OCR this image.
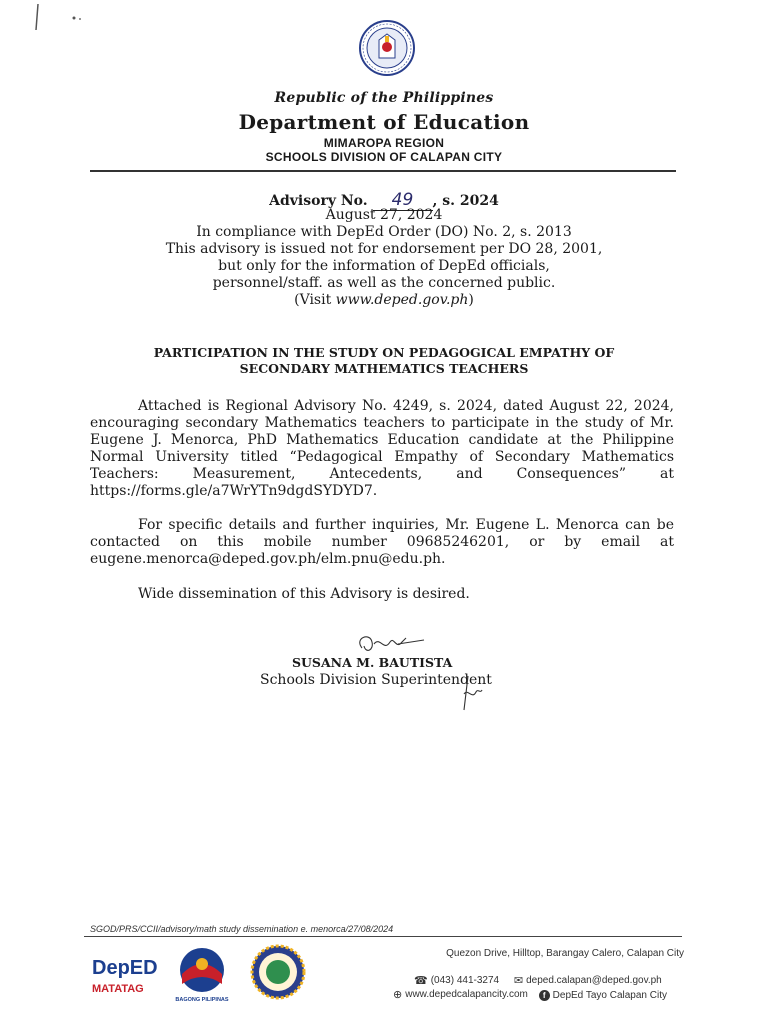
Republic of the Philippines
Department of Education
MIMAROPA REGION
SCHOOLS DIVISION OF CALAPAN CITY
Advisory No. 49 , s. 2024
August 27, 2024
In compliance with DepEd Order (DO) No. 2, s. 2013
This advisory is issued not for endorsement per DO 28, 2001,
but only for the information of DepEd officials,
personnel/staff. as well as the concerned public.
(Visit www.deped.gov.ph)
PARTICIPATION IN THE STUDY ON PEDAGOGICAL EMPATHY OF
SECONDARY MATHEMATICS TEACHERS
Attached is Regional Advisory No. 4249, s. 2024, dated August 22, 2024, encouraging secondary Mathematics teachers to participate in the study of Mr. Eugene J. Menorca, PhD Mathematics Education candidate at the Philippine Normal University titled “Pedagogical Empathy of Secondary Mathematics Teachers: Measurement, Antecedents, and Consequences” at https://forms.gle/a7WrYTn9dgdSYDYD7.
For specific details and further inquiries, Mr. Eugene L. Menorca can be contacted on this mobile number 09685246201, or by email at eugene.menorca@deped.gov.ph/elm.pnu@edu.ph.
Wide dissemination of this Advisory is desired.
SUSANA M. BAUTISTA
Schools Division Superintendent
SGOD/PRS/CCII/advisory/math study dissemination e. menorca/27/08/2024
DepED
MATATAG
BAGONG PILIPINAS
Quezon Drive, Hilltop, Barangay Calero, Calapan City
☎ (043) 441-3274
✉ deped.calapan@deped.gov.ph
⊕ www.depedcalapancity.com
	f DepEd Tayo Calapan City
